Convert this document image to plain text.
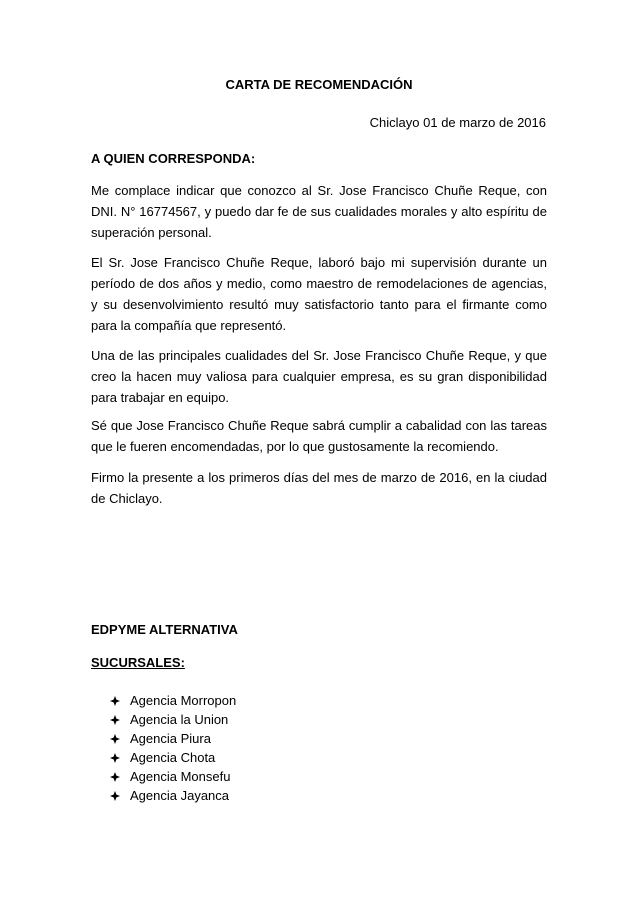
CARTA DE RECOMENDACIÓN
Chiclayo 01 de marzo de 2016
A QUIEN CORRESPONDA:

Me complace indicar que conozco al Sr. Jose Francisco Chuñe Reque, con DNI. N° 16774567, y puedo dar fe de sus cualidades morales y alto espíritu de superación personal.

El Sr. Jose Francisco Chuñe Reque, laboró bajo mi supervisión durante un período de dos años y medio, como maestro de remodelaciones de agencias, y su desenvolvimiento resultó muy satisfactorio tanto para el firmante como para la compañía que representó.

Una de las principales cualidades del Sr. Jose Francisco Chuñe Reque, y que creo la hacen muy valiosa para cualquier empresa, es su gran disponibilidad para trabajar en equipo.

Sé que Jose Francisco Chuñe Reque sabrá cumplir a cabalidad con las tareas que le fueren encomendadas, por lo que gustosamente la recomiendo.

Firmo la presente a los primeros días del mes de marzo de 2016, en la ciudad de Chiclayo.

EDPYME ALTERNATIVA
SUCURSALES:
Agencia Morropon
Agencia la Union
Agencia Piura
Agencia Chota
Agencia Monsefu
Agencia Jayanca
